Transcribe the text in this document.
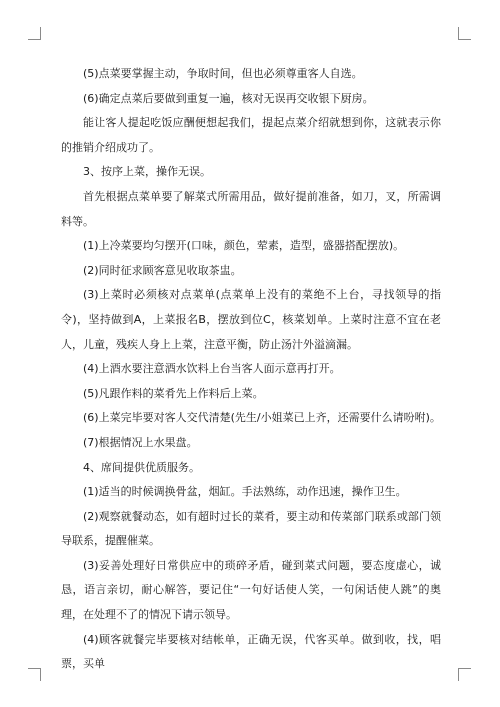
(5)点菜要掌握主动，争取时间，但也必须尊重客人自选。

(6)确定点菜后要做到重复一遍，核对无误再交收银下厨房。

能让客人提起吃饭应酬便想起我们，提起点菜介绍就想到你，这就表示你的推销介绍成功了。

3、按序上菜，操作无误。

首先根据点菜单要了解菜式所需用品，做好提前准备，如刀，叉，所需调料等。

(1)上冷菜要均匀摆开(口味，颜色，荤素，造型，盛器搭配摆放)。

(2)同时征求顾客意见收取茶盅。

(3)上菜时必须核对点菜单(点菜单上没有的菜绝不上台，寻找领导的指令)，坚持做到A，上菜报名B，摆放到位C，核菜划单。上菜时注意不宜在老人，儿童，残疾人身上上菜，注意平衡，防止汤汁外溢滴漏。

(4)上酒水要注意酒水饮料上台当客人面示意再打开。

(5)凡跟作料的菜肴先上作料后上菜。

(6)上菜完毕要对客人交代清楚(先生/小姐菜已上齐，还需要什么请吩咐)。

(7)根据情况上水果盘。

4、席间提供优质服务。

(1)适当的时候调换骨盆，烟缸。手法熟练，动作迅速，操作卫生。

(2)观察就餐动态，如有超时过长的菜肴，要主动和传菜部门联系或部门领导联系，提醒催菜。

(3)妥善处理好日常供应中的琐碎矛盾，碰到菜式问题，要态度虚心，诚恳，语言亲切，耐心解答，要记住“一句好话使人笑，一句闲话使人跳”的奥理，在处理不了的情况下请示领导。

(4)顾客就餐完毕要核对结帐单，正确无误，代客买单。做到收，找，唱票，买单
